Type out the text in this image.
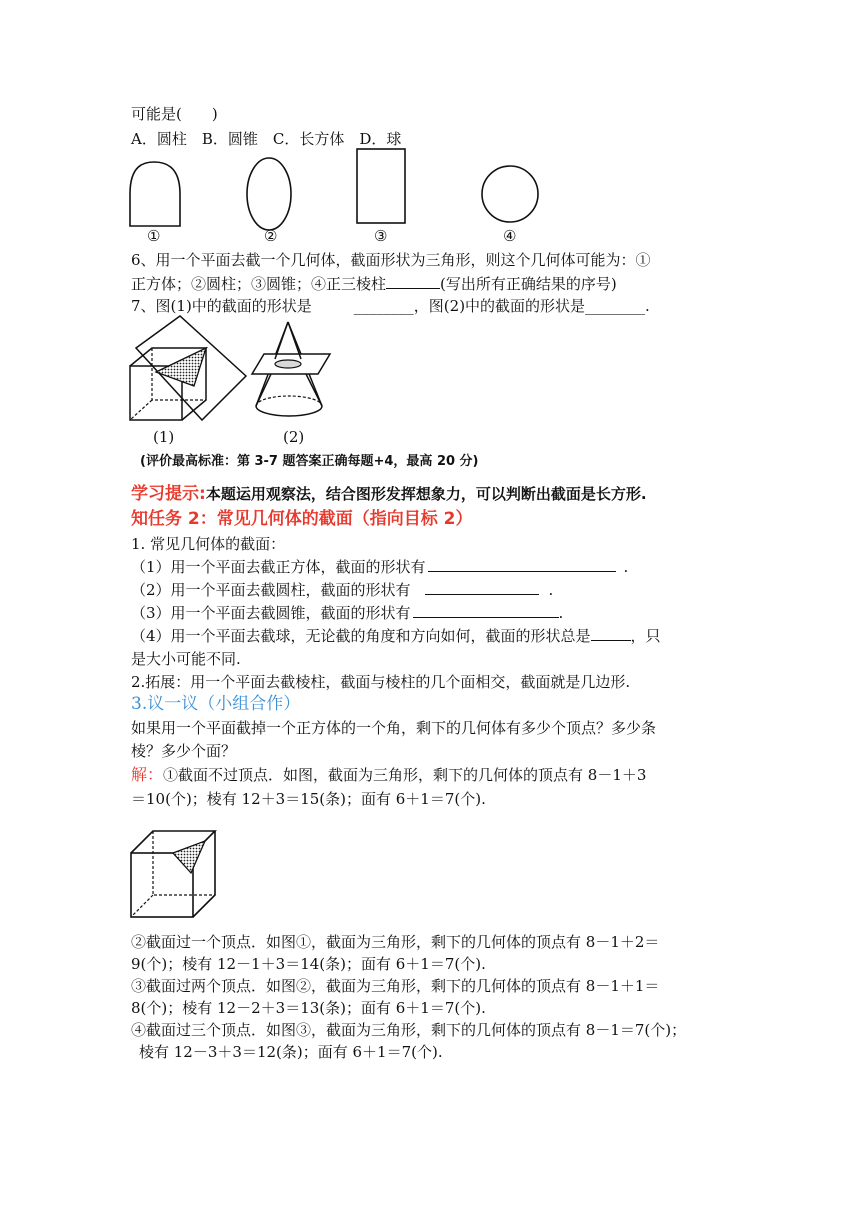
可能是(　　)
A．圆柱　B．圆锥　C．长方体　D．球
①	②	③	④
6、用一个平面去截一个几何体，截面形状为三角形，则这个几何体可能为：①
正方体；②圆柱；③圆锥；④正三棱柱	(写出所有正确结果的序号)
7、图(1)中的截面的形状是	________，图(2)中的截面的形状是________.
(1)	(2)
(评价最高标准：第 3-7 题答案正确每题+4，最高 20 分)
学习提示:本题运用观察法，结合图形发挥想象力，可以判断出截面是长方形.
知任务 2：常见几何体的截面（指向目标 2）
1. 常见几何体的截面：
（1）用一个平面去截正方体，截面的形状有	.
（2）用一个平面去截圆柱，截面的形状有	.
（3）用一个平面去截圆锥，截面的形状有	.
（4）用一个平面去截球，无论截的角度和方向如何，截面的形状总是	，只
是大小可能不同.
2.拓展：用一个平面去截棱柱，截面与棱柱的几个面相交，截面就是几边形.
3.议一议（小组合作）
如果用一个平面截掉一个正方体的一个角，剩下的几何体有多少个顶点？多少条
棱？多少个面？
解：①截面不过顶点．如图，截面为三角形，剩下的几何体的顶点有 8－1＋3
＝10(个)；棱有 12＋3＝15(条)；面有 6＋1＝7(个).
②截面过一个顶点．如图①，截面为三角形，剩下的几何体的顶点有 8－1＋2＝
9(个)；棱有 12－1＋3＝14(条)；面有 6＋1＝7(个).
③截面过两个顶点．如图②，截面为三角形，剩下的几何体的顶点有 8－1＋1＝
8(个)；棱有 12－2＋3＝13(条)；面有 6＋1＝7(个).
④截面过三个顶点．如图③，截面为三角形，剩下的几何体的顶点有 8－1＝7(个)；
棱有 12－3＋3＝12(条)；面有 6＋1＝7(个).
